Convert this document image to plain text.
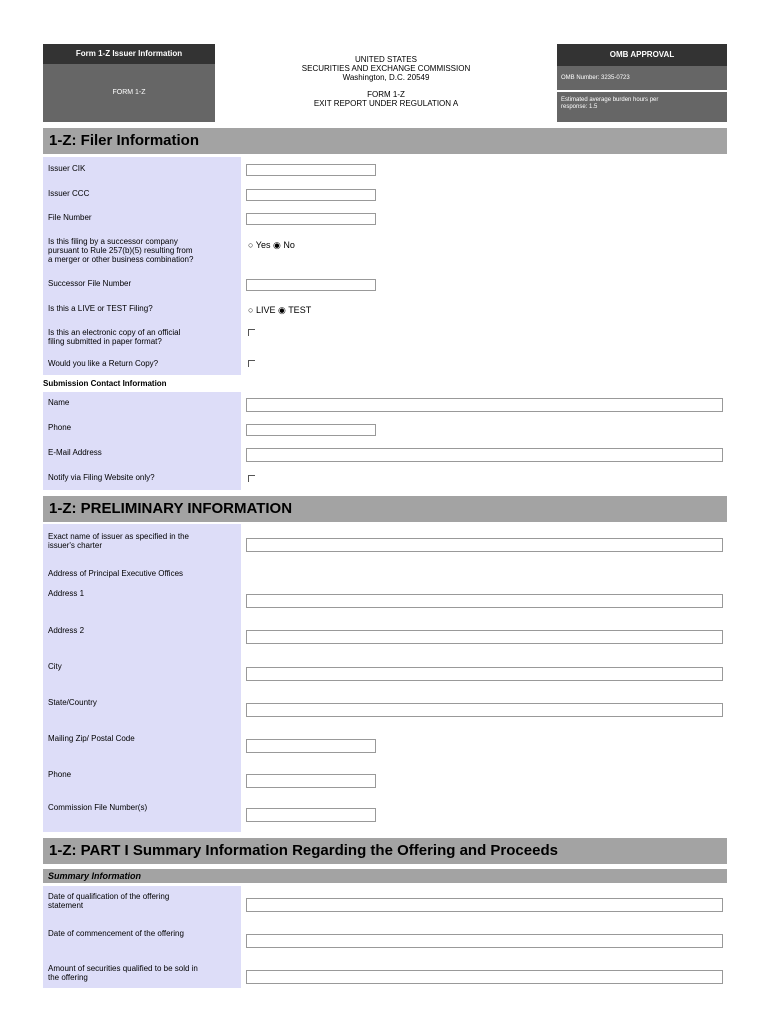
Form 1-Z Issuer Information
FORM 1-Z
UNITED STATES
SECURITIES AND EXCHANGE COMMISSION
Washington, D.C. 20549
FORM 1-Z
EXIT REPORT UNDER REGULATION A
OMB APPROVAL
OMB Number: 3235-0723
Estimated average burden hours per
response: 1.5
1-Z: Filer Information
Issuer CIK
Issuer CCC
File Number
Is this filing by a successor company
pursuant to Rule 257(b)(5) resulting from
a merger or other business combination?
Successor File Number
Is this a LIVE or TEST Filing?
Is this an electronic copy of an official
filing submitted in paper format?
Would you like a Return Copy?
○ Yes ◉ No
○ LIVE ◉ TEST
Submission Contact Information
Name
Phone
E-Mail Address
Notify via Filing Website only?
1-Z: PRELIMINARY INFORMATION
Exact name of issuer as specified in the
issuer's charter
Address of Principal Executive Offices
Address 1
Address 2
City
State/Country
Mailing Zip/ Postal Code
Phone
Commission File Number(s)
1-Z: PART I Summary Information Regarding the Offering and Proceeds
Summary Information
Date of qualification of the offering
statement
Date of commencement of the offering
Amount of securities qualified to be sold in
the offering
